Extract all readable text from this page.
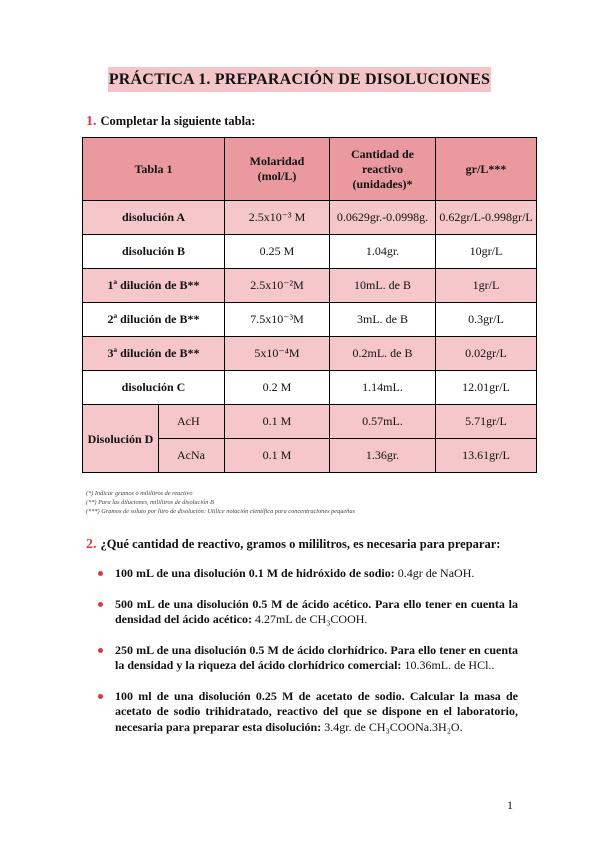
PRÁCTICA 1. PREPARACIÓN DE DISOLUCIONES
1. Completar la siguiente tabla:
Tabla 1		Molaridad (mol/L)	Cantidad de reactivo (unidades)*	gr/L***
disolución A		2.5x10⁻³ M	0.0629gr.-0.0998g.	0.62gr/L-0.998gr/L
disolución B		0.25 M	1.04gr.	10gr/L
1ª dilución de B**		2.5x10⁻²M	10mL. de B	1gr/L
2ª dilución de B**		7.5x10⁻³M	3mL. de B	0.3gr/L
3ª dilución de B**		5x10⁻⁴M	0.2mL. de B	0.02gr/L
disolución C		0.2 M	1.14mL.	12.01gr/L
Disolución D	AcH	0.1 M	0.57mL.	5.71gr/L
	AcNa	0.1 M	1.36gr.	13.61gr/L
(*) Indicar gramos o mililitros de reactivo
(**) Para las diluciones, mililitros de disolución B
(***) Gramos de soluto por litro de disolución: Utilice notación científica para concentraciones pequeñas
2. ¿Qué cantidad de reactivo, gramos o mililitros, es necesaria para preparar:
100 mL de una disolución 0.1 M de hidróxido de sodio: 0.4gr de NaOH.
500 mL de una disolución 0.5 M de ácido acético. Para ello tener en cuenta la densidad del ácido acético: 4.27mL de CH₃COOH.
250 mL de una disolución 0.5 M de ácido clorhídrico. Para ello tener en cuenta la densidad y la riqueza del ácido clorhídrico comercial: 10.36mL. de HCl..
100 ml de una disolución 0.25 M de acetato de sodio. Calcular la masa de acetato de sodio trihidratado, reactivo del que se dispone en el laboratorio, necesaria para preparar esta disolución: 3.4gr. de CH₃COONa.3H₂O.
1
